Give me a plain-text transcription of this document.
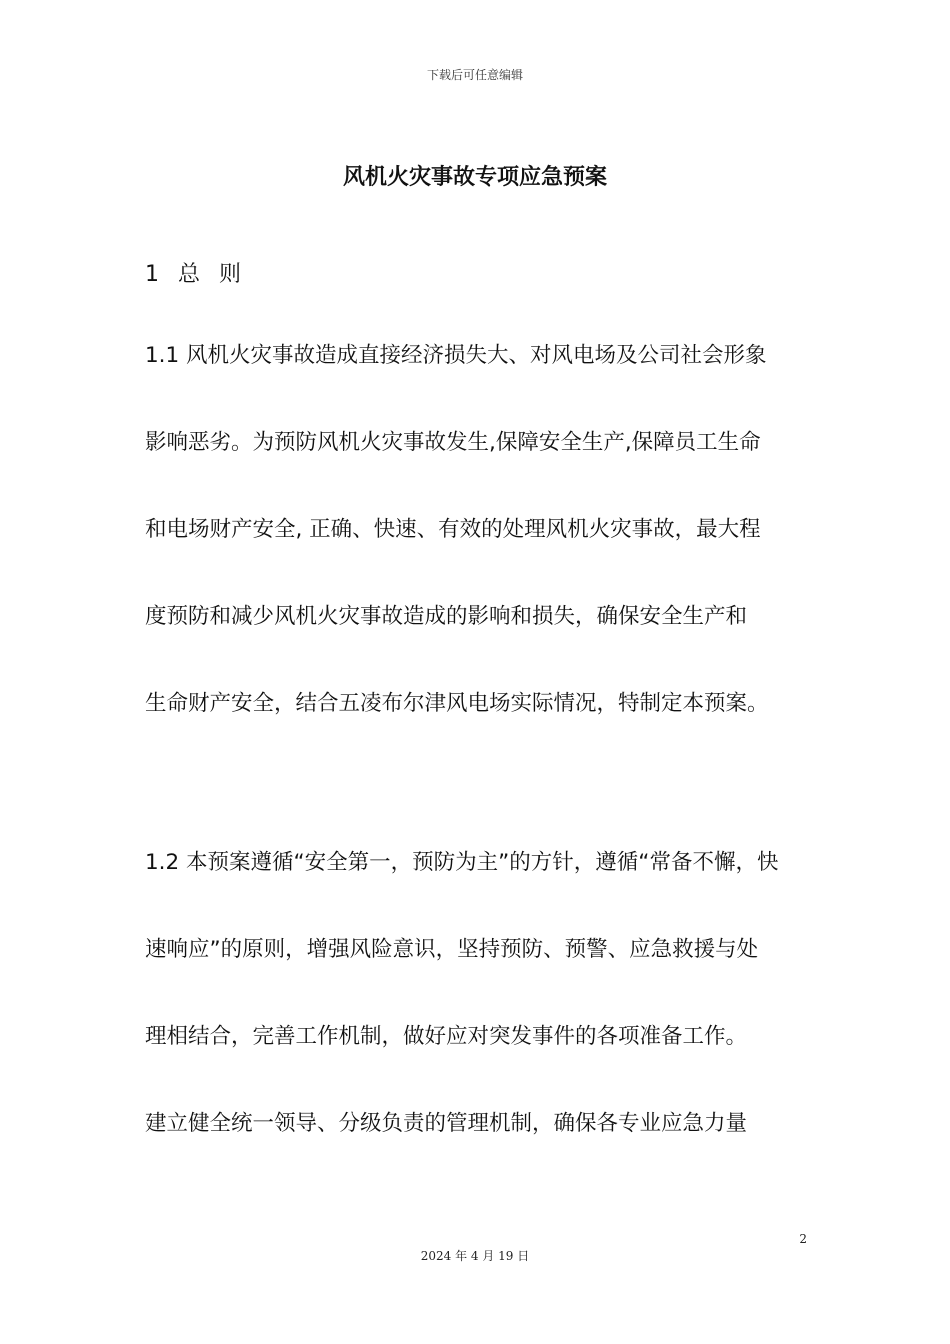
下载后可任意编辑
风机火灾事故专项应急预案
1 总 则

1.1 风机火灾事故造成直接经济损失大、对风电场及公司社会形象

影响恶劣。为预防风机火灾事故发生,保障安全生产,保障员工生命

和电场财产安全, 正确、快速、有效的处理风机火灾事故，最大程

度预防和减少风机火灾事故造成的影响和损失，确保安全生产和

生命财产安全，结合五凌布尔津风电场实际情况，特制定本预案。

1.2 本预案遵循“安全第一，预防为主”的方针，遵循“常备不懈，快

速响应”的原则，增强风险意识，坚持预防、预警、应急救援与处

理相结合，完善工作机制，做好应对突发事件的各项准备工作。

建立健全统一领导、分级负责的管理机制，确保各专业应急力量

2
2024 年 4 月 19 日
